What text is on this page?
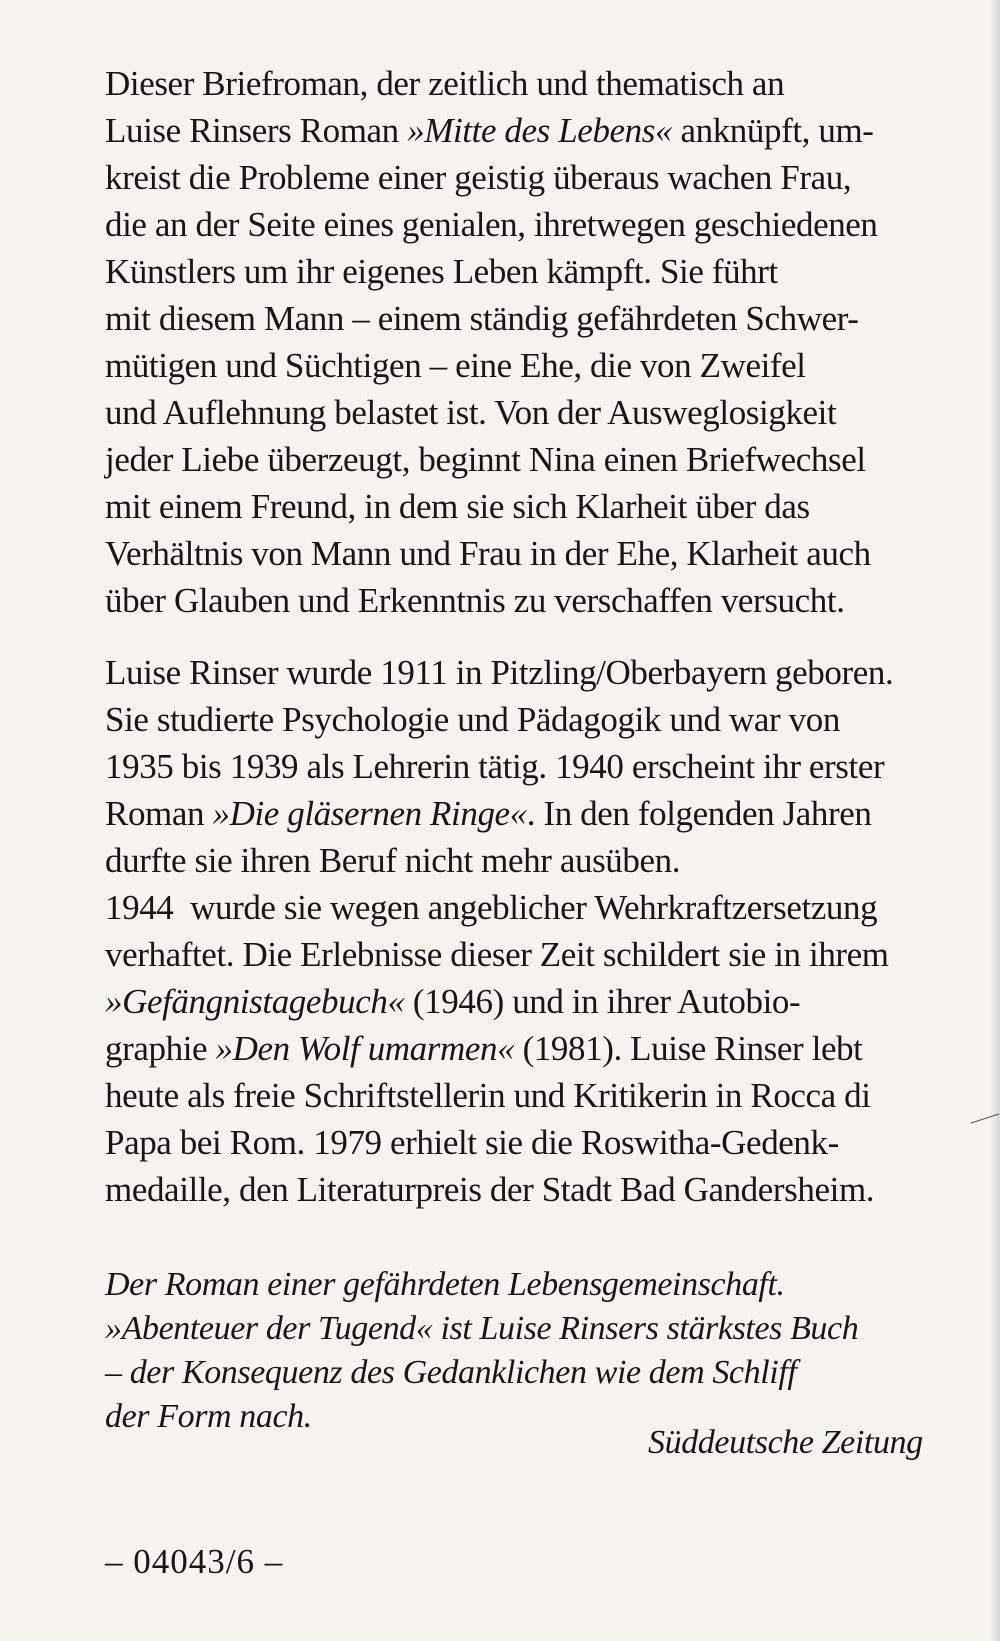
Dieser Briefroman, der zeitlich und thematisch an
Luise Rinsers Roman »Mitte des Lebens« anknüpft, um-
kreist die Probleme einer geistig überaus wachen Frau,
die an der Seite eines genialen, ihretwegen geschiedenen
Künstlers um ihr eigenes Leben kämpft. Sie führt
mit diesem Mann – einem ständig gefährdeten Schwer-
mütigen und Süchtigen – eine Ehe, die von Zweifel
und Auflehnung belastet ist. Von der Ausweglosigkeit
jeder Liebe überzeugt, beginnt Nina einen Briefwechsel
mit einem Freund, in dem sie sich Klarheit über das
Verhältnis von Mann und Frau in der Ehe, Klarheit auch
über Glauben und Erkenntnis zu verschaffen versucht.
Luise Rinser wurde 1911 in Pitzling/Oberbayern geboren.
Sie studierte Psychologie und Pädagogik und war von
1935 bis 1939 als Lehrerin tätig. 1940 erscheint ihr erster
Roman »Die gläsernen Ringe«. In den folgenden Jahren
durfte sie ihren Beruf nicht mehr ausüben.
1944  wurde sie wegen angeblicher Wehrkraftzersetzung
verhaftet. Die Erlebnisse dieser Zeit schildert sie in ihrem
»Gefängnistagebuch« (1946) und in ihrer Autobio-
graphie »Den Wolf umarmen« (1981). Luise Rinser lebt
heute als freie Schriftstellerin und Kritikerin in Rocca di
Papa bei Rom. 1979 erhielt sie die Roswitha-Gedenk-
medaille, den Literaturpreis der Stadt Bad Gandersheim.
Der Roman einer gefährdeten Lebensgemeinschaft.
»Abenteuer der Tugend« ist Luise Rinsers stärkstes Buch
– der Konsequenz des Gedanklichen wie dem Schliff
der Form nach.
Süddeutsche Zeitung
– 04043/6 –
